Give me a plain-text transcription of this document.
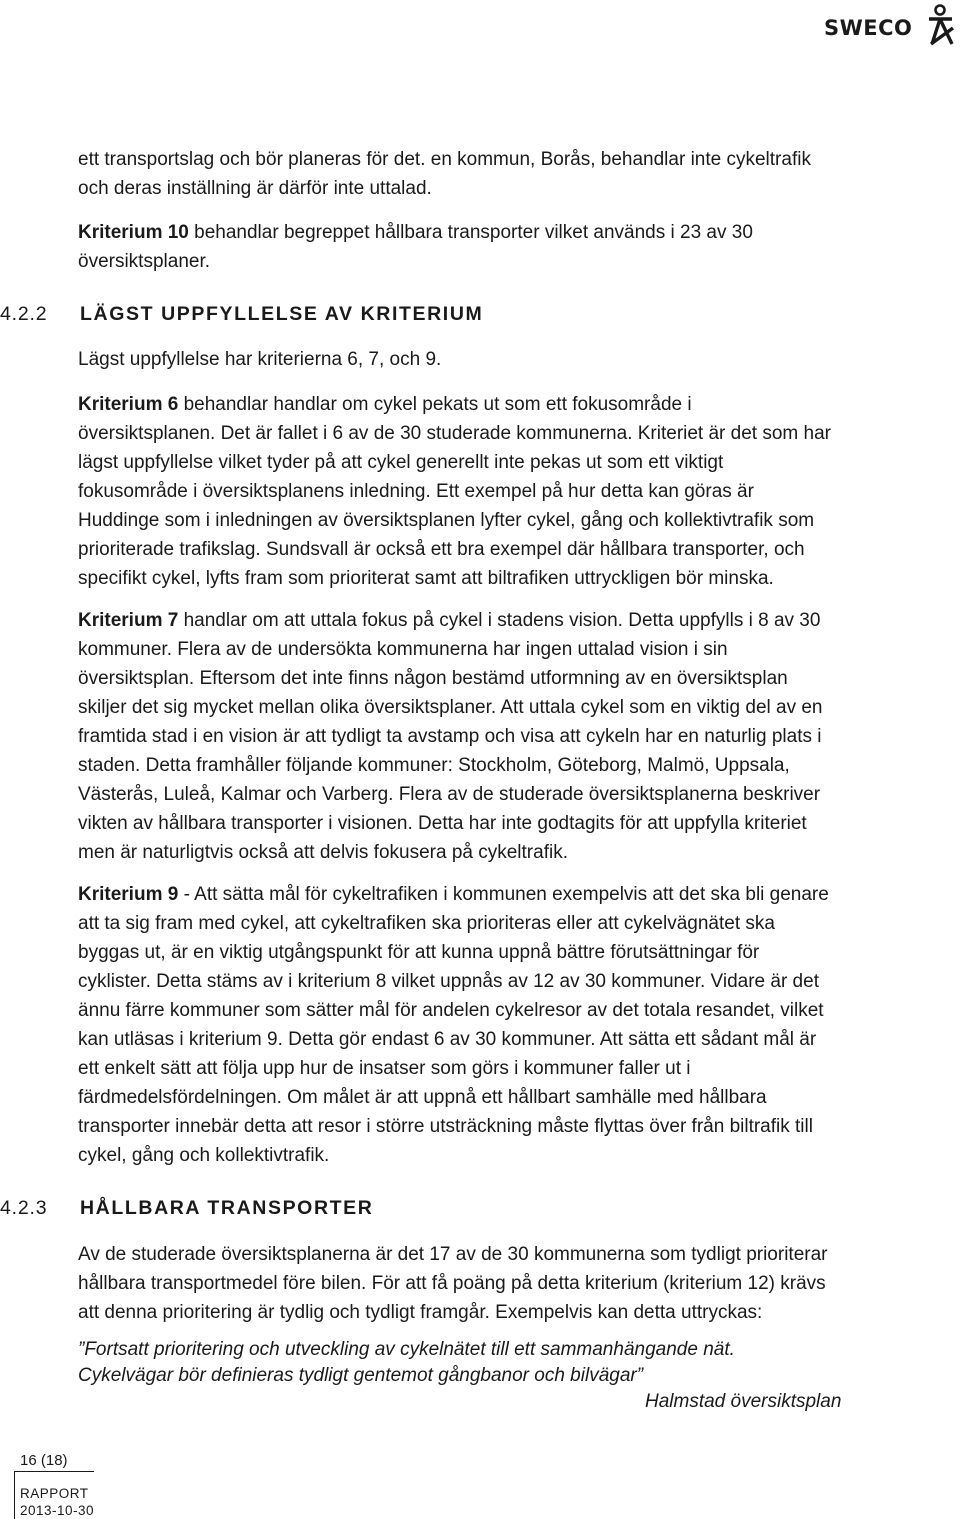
SWECO
ett transportslag och bör planeras för det. en kommun, Borås, behandlar inte cykeltrafik
och deras inställning är därför inte uttalad.
Kriterium 10 behandlar begreppet hållbara transporter vilket används i 23 av 30
översiktsplaner.
4.2.2 LÄGST UPPFYLLELSE AV KRITERIUM
Lägst uppfyllelse har kriterierna 6, 7, och 9.
Kriterium 6 behandlar handlar om cykel pekats ut som ett fokusområde i
översiktsplanen. Det är fallet i 6 av de 30 studerade kommunerna. Kriteriet är det som har
lägst uppfyllelse vilket tyder på att cykel generellt inte pekas ut som ett viktigt
fokusområde i översiktsplanens inledning. Ett exempel på hur detta kan göras är
Huddinge som i inledningen av översiktsplanen lyfter cykel, gång och kollektivtrafik som
prioriterade trafikslag. Sundsvall är också ett bra exempel där hållbara transporter, och
specifikt cykel, lyfts fram som prioriterat samt att biltrafiken uttryckligen bör minska.
Kriterium 7 handlar om att uttala fokus på cykel i stadens vision. Detta uppfylls i 8 av 30
kommuner. Flera av de undersökta kommunerna har ingen uttalad vision i sin
översiktsplan. Eftersom det inte finns någon bestämd utformning av en översiktsplan
skiljer det sig mycket mellan olika översiktsplaner. Att uttala cykel som en viktig del av en
framtida stad i en vision är att tydligt ta avstamp och visa att cykeln har en naturlig plats i
staden. Detta framhåller följande kommuner: Stockholm, Göteborg, Malmö, Uppsala,
Västerås, Luleå, Kalmar och Varberg. Flera av de studerade översiktsplanerna beskriver
vikten av hållbara transporter i visionen. Detta har inte godtagits för att uppfylla kriteriet
men är naturligtvis också att delvis fokusera på cykeltrafik.
Kriterium 9 - Att sätta mål för cykeltrafiken i kommunen exempelvis att det ska bli genare
att ta sig fram med cykel, att cykeltrafiken ska prioriteras eller att cykelvägnätet ska
byggas ut, är en viktig utgångspunkt för att kunna uppnå bättre förutsättningar för
cyklister. Detta stäms av i kriterium 8 vilket uppnås av 12 av 30 kommuner. Vidare är det
ännu färre kommuner som sätter mål för andelen cykelresor av det totala resandet, vilket
kan utläsas i kriterium 9. Detta gör endast 6 av 30 kommuner. Att sätta ett sådant mål är
ett enkelt sätt att följa upp hur de insatser som görs i kommuner faller ut i
färdmedelsfördelningen. Om målet är att uppnå ett hållbart samhälle med hållbara
transporter innebär detta att resor i större utsträckning måste flyttas över från biltrafik till
cykel, gång och kollektivtrafik.
4.2.3 HÅLLBARA TRANSPORTER
Av de studerade översiktsplanerna är det 17 av de 30 kommunerna som tydligt prioriterar
hållbara transportmedel före bilen. För att få poäng på detta kriterium (kriterium 12) krävs
att denna prioritering är tydlig och tydligt framgår. Exempelvis kan detta uttryckas:
”Fortsatt prioritering och utveckling av cykelnätet till ett sammanhängande nät.
Cykelvägar bör definieras tydligt gentemot gångbanor och bilvägar”
Halmstad översiktsplan
16 (18)
RAPPORT
2013-10-30
